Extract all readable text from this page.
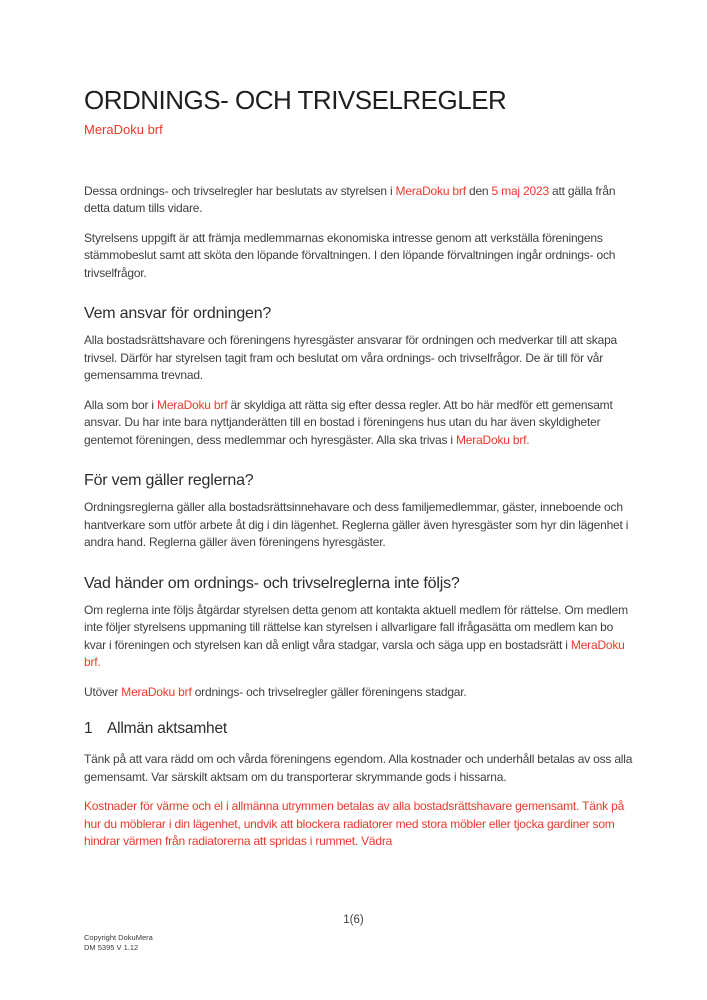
ORDNINGS- OCH TRIVSELREGLER
MeraDoku brf

Dessa ordnings- och trivselregler har beslutats av styrelsen i MeraDoku brf den 5 maj 2023 att gälla från detta datum tills vidare.

Styrelsens uppgift är att främja medlemmarnas ekonomiska intresse genom att verkställa föreningens stämmobeslut samt att sköta den löpande förvaltningen. I den löpande förvaltningen ingår ordnings- och trivselfrågor.

Vem ansvar för ordningen?

Alla bostadsrättshavare och föreningens hyresgäster ansvarar för ordningen och medverkar till att skapa trivsel. Därför har styrelsen tagit fram och beslutat om våra ordnings- och trivselfrågor. De är till för vår gemensamma trevnad.

Alla som bor i MeraDoku brf är skyldiga att rätta sig efter dessa regler. Att bo här medför ett gemensamt ansvar. Du har inte bara nyttjanderätten till en bostad i föreningens hus utan du har även skyldigheter gentemot föreningen, dess medlemmar och hyresgäster. Alla ska trivas i MeraDoku brf.

För vem gäller reglerna?

Ordningsreglerna gäller alla bostadsrättsinnehavare och dess familjemedlemmar, gäster, inneboende och hantverkare som utför arbete åt dig i din lägenhet. Reglerna gäller även hyresgäster som hyr din lägenhet i andra hand. Reglerna gäller även föreningens hyresgäster.

Vad händer om ordnings- och trivselreglerna inte följs?

Om reglerna inte följs åtgärdar styrelsen detta genom att kontakta aktuell medlem för rättelse. Om medlem inte följer styrelsens uppmaning till rättelse kan styrelsen i allvarligare fall ifrågasätta om medlem kan bo kvar i föreningen och styrelsen kan då enligt våra stadgar, varsla och säga upp en bostadsrätt i MeraDoku brf.

Utöver MeraDoku brf ordnings- och trivselregler gäller föreningens stadgar.

1 Allmän aktsamhet

Tänk på att vara rädd om och vårda föreningens egendom. Alla kostnader och underhåll betalas av oss alla gemensamt. Var särskilt aktsam om du transporterar skrymmande gods i hissarna.

Kostnader för värme och el i allmänna utrymmen betalas av alla bostadsrättshavare gemensamt. Tänk på hur du möblerar i din lägenhet, undvik att blockera radiatorer med stora möbler eller tjocka gardiner som hindrar värmen från radiatorerna att spridas i rummet. Vädra

1(6)
Copyright DokuMera
DM 5395 V 1.12
